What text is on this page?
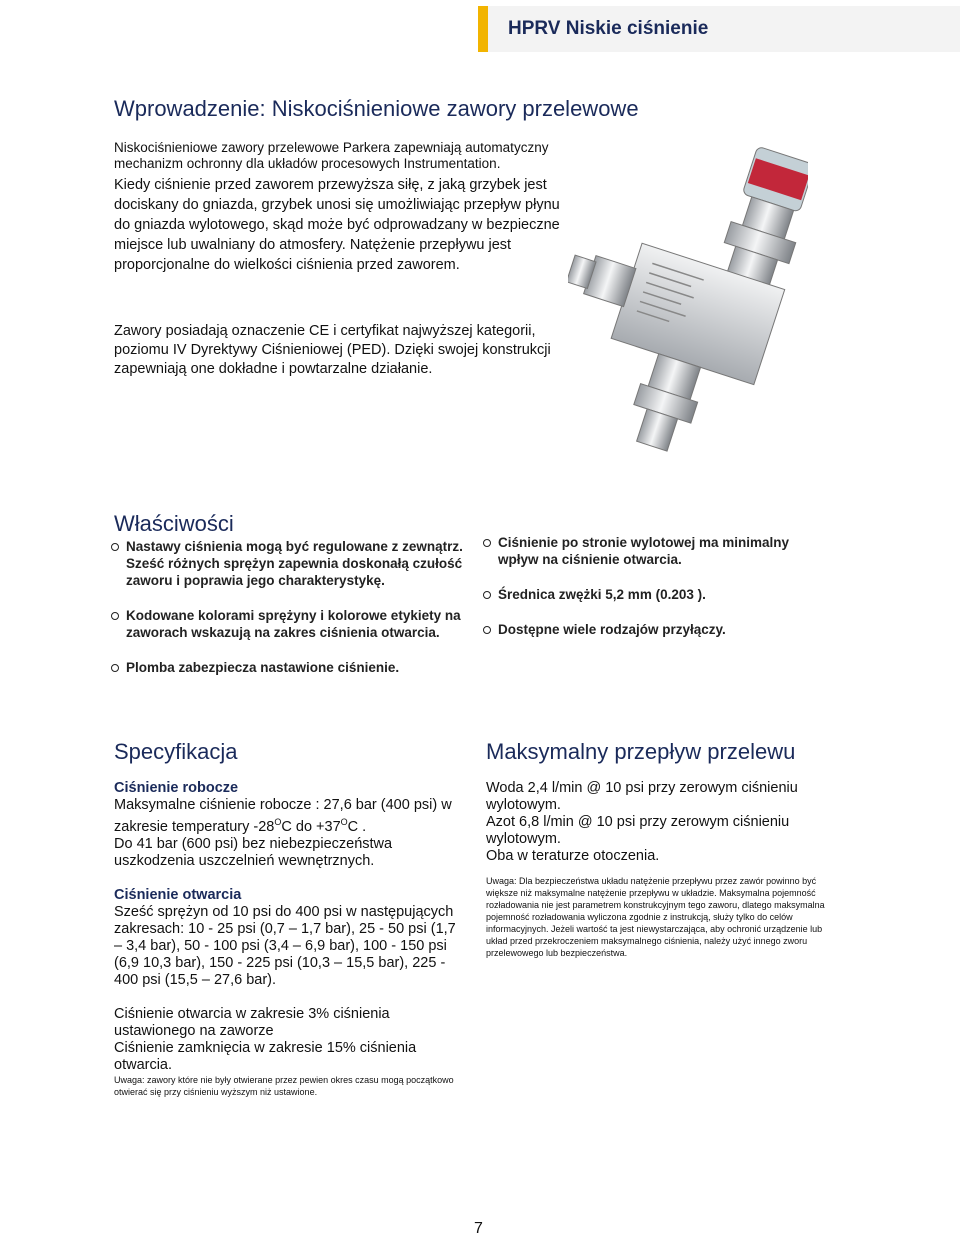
HPRV Niskie ciśnienie
Wprowadzenie: Niskociśnieniowe zawory przelewowe
Niskociśnieniowe zawory przelewowe Parkera zapewniają automatyczny mechanizm ochronny dla układów procesowych Instrumentation.
Kiedy ciśnienie przed zaworem przewyższa siłę, z jaką grzybek jest dociskany do gniazda, grzybek unosi się umożliwiając przepływ płynu do gniazda wylotowego, skąd może być odprowadzany w bezpieczne miejsce lub uwalniany do atmosfery. Natężenie przepływu jest proporcjonalne do wielkości ciśnienia przed zaworem.
Zawory posiadają oznaczenie CE i certyfikat najwyższej kategorii, poziomu IV Dyrektywy Ciśnieniowej (PED). Dzięki swojej konstrukcji zapewniają one dokładne i powtarzalne działanie.
Właściwości
Nastawy ciśnienia mogą być regulowane z zewnątrz. Sześć różnych sprężyn zapewnia doskonałą czułość zaworu i poprawia jego charakterystykę.
Kodowane kolorami sprężyny i kolorowe etykiety na zaworach wskazują na zakres ciśnienia otwarcia.
Plomba zabezpiecza nastawione ciśnienie.
Ciśnienie po stronie wylotowej ma minimalny wpływ na ciśnienie otwarcia.
Średnica zwężki 5,2 mm (0.203 ).
Dostępne wiele rodzajów przyłączy.
Specyfikacja
Ciśnienie robocze
Maksymalne ciśnienie robocze : 27,6 bar (400 psi) w zakresie temperatury $-28^OC$ do $+37^OC$ .
Do 41 bar (600 psi) bez niebezpieczeństwa uszkodzenia uszczelnień wewnętrznych.
Ciśnienie otwarcia
Sześć sprężyn od 10 psi do 400 psi w następujących zakresach: 10 - 25 psi (0,7 – 1,7 bar), 25 - 50 psi (1,7 – 3,4 bar), 50 - 100 psi (3,4 – 6,9 bar), 100 - 150 psi (6,9 10,3 bar), 150 - 225 psi (10,3 – 15,5 bar), 225 - 400 psi (15,5 – 27,6 bar).
Ciśnienie otwarcia w zakresie 3% ciśnienia ustawionego na zaworze
Ciśnienie zamknięcia w zakresie 15% ciśnienia otwarcia.
Uwaga: zawory które nie były otwierane przez pewien okres czasu mogą początkowo otwierać się przy ciśnieniu wyższym niż ustawione.
Maksymalny przepływ przelewu
Woda 2,4 l/min @ 10 psi przy zerowym ciśnieniu wylotowym.
Azot 6,8 l/min @ 10 psi przy zerowym ciśnieniu wylotowym.
Oba w teraturze otoczenia.
Uwaga: Dla bezpieczeństwa układu natężenie przepływu przez zawór powinno być większe niż maksymalne natężenie przepływu w układzie. Maksymalna pojemność rozładowania nie jest parametrem konstrukcyjnym tego zaworu, dlatego maksymalna pojemność rozładowania wyliczona zgodnie z instrukcją, służy tylko do celów informacyjnych. Jeżeli wartość ta jest niewystarczająca, aby ochronić urządzenie lub układ przed przekroczeniem maksymalnego ciśnienia, należy użyć innego zworu przelewowego lub bezpieczeństwa.
7
